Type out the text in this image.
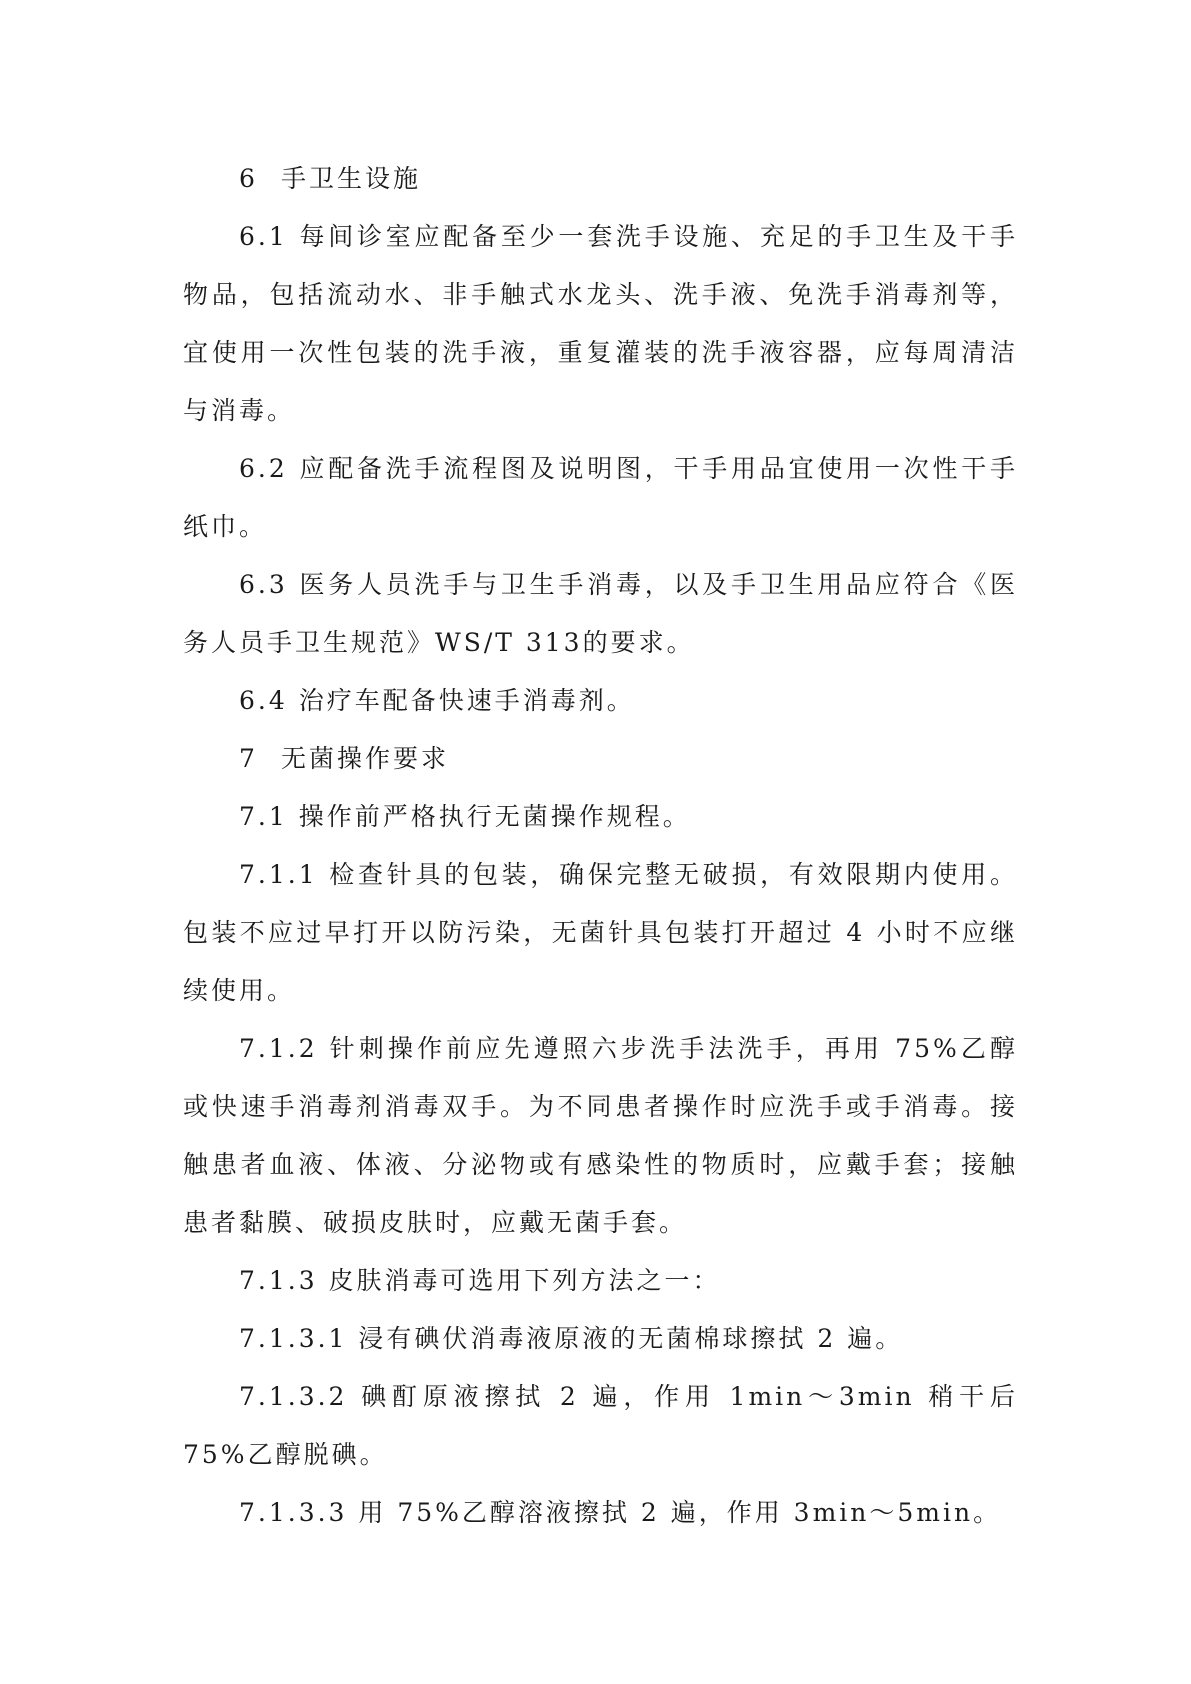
6 手卫生设施

6.1 每间诊室应配备至少一套洗手设施、充足的手卫生及干手物品，包括流动水、非手触式水龙头、洗手液、免洗手消毒剂等，宜使用一次性包装的洗手液，重复灌装的洗手液容器，应每周清洁与消毒。

6.2 应配备洗手流程图及说明图，干手用品宜使用一次性干手纸巾。

6.3 医务人员洗手与卫生手消毒，以及手卫生用品应符合《医务人员手卫生规范》WS/T 313的要求。

6.4 治疗车配备快速手消毒剂。

7 无菌操作要求

7.1 操作前严格执行无菌操作规程。

7.1.1 检查针具的包装，确保完整无破损，有效限期内使用。包装不应过早打开以防污染，无菌针具包装打开超过 4 小时不应继续使用。

7.1.2 针刺操作前应先遵照六步洗手法洗手，再用 75%乙醇或快速手消毒剂消毒双手。为不同患者操作时应洗手或手消毒。接触患者血液、体液、分泌物或有感染性的物质时，应戴手套；接触患者黏膜、破损皮肤时，应戴无菌手套。

7.1.3 皮肤消毒可选用下列方法之一：

7.1.3.1 浸有碘伏消毒液原液的无菌棉球擦拭 2 遍。

7.1.3.2 碘酊原液擦拭 2 遍，作用 1min～3min 稍干后 75%乙醇脱碘。

7.1.3.3 用 75%乙醇溶液擦拭 2 遍，作用 3min～5min。
